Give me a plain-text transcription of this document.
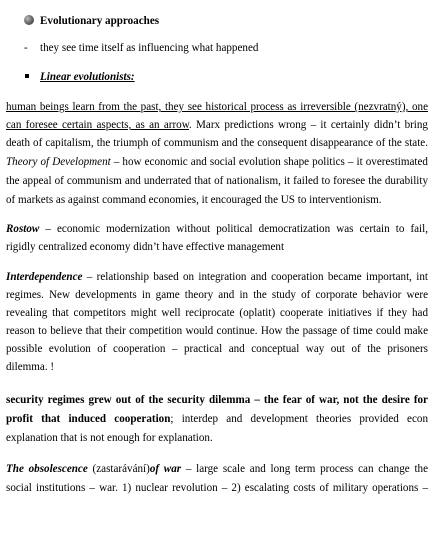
Evolutionary approaches
- they see time itself as influencing what happened
Linear evolutionists:
human beings learn from the past, they see historical process as irreversible (nezvratný), one
can foresee certain aspects, as an arrow. Marx predictions wrong – it certainly didn’t bring
death of capitalism, the triumph of communism and the consequent disappearance of the state.
Theory of Development – how economic and social evolution shape politics – it overestimated
the appeal of communism and underrated that of nationalism, it failed to foresee the durability
of markets as against command economies, it encouraged the US to interventionism.
Rostow – economic modernization without political democratization was certain to fail,
rigidly centralized economy didn’t have effective management
Interdependence – relationship based on integration and cooperation became important, int
regimes. New developments in game theory and in the study of corporate behavior were
revealing that competitors might well reciprocate (oplatit) cooperate initiatives if they had
reason to believe that their competition would continue. How the passage of time could make
possible evolution of cooperation – practical and conceptual way out of the prisoners
dilemma. !
security regimes grew out of the security dilemma – the fear of war, not the desire for
profit that induced cooperation; interdep and development theories provided econ
explanation that is not enough for explanation.
The obsolescence (zastarávání)of war – large scale and long term process can change the
social institutions – war. 1) nuclear revolution – 2) escalating costs of military operations –
